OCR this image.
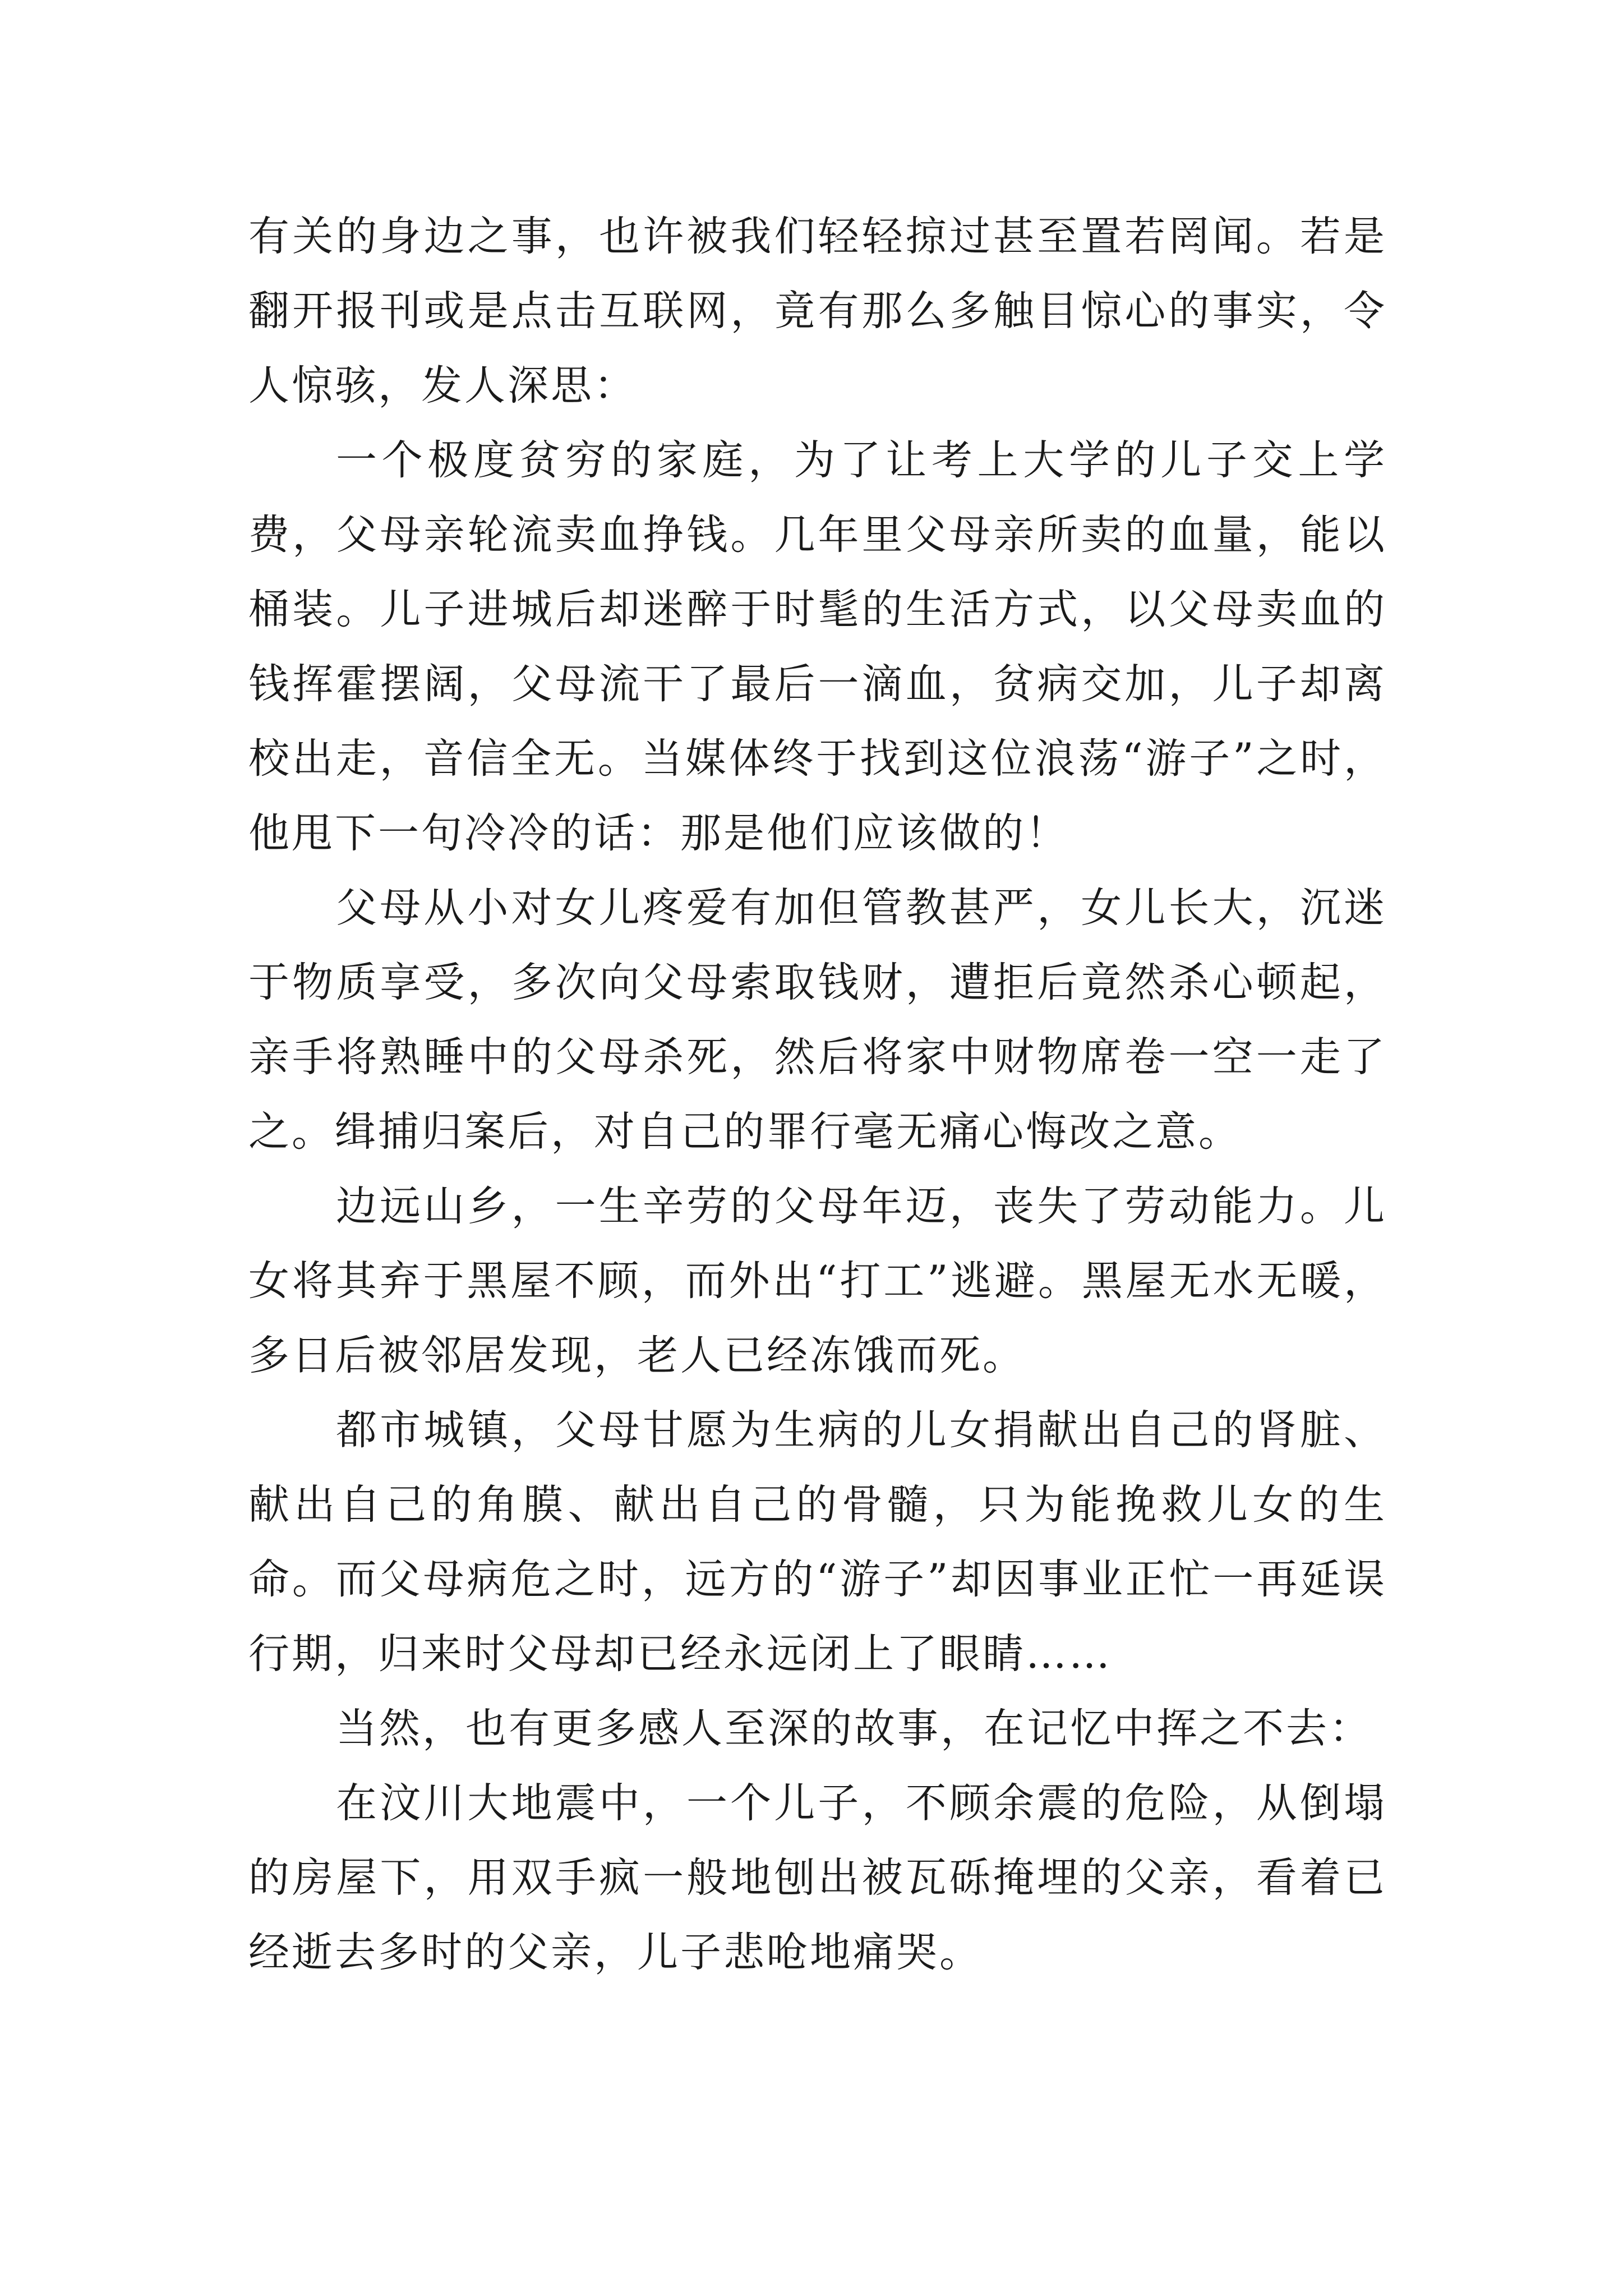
有关的身边之事，也许被我们轻轻掠过甚至置若罔闻。若是翻开报刊或是点击互联网，竟有那么多触目惊心的事实，令人惊骇，发人深思：

一个极度贫穷的家庭，为了让考上大学的儿子交上学费，父母亲轮流卖血挣钱。几年里父母亲所卖的血量，能以桶装。儿子进城后却迷醉于时髦的生活方式，以父母卖血的钱挥霍摆阔，父母流干了最后一滴血，贫病交加，儿子却离校出走，音信全无。当媒体终于找到这位浪荡“游子”之时，他甩下一句冷冷的话：那是他们应该做的！

父母从小对女儿疼爱有加但管教甚严，女儿长大，沉迷于物质享受，多次向父母索取钱财，遭拒后竟然杀心顿起，亲手将熟睡中的父母杀死，然后将家中财物席卷一空一走了之。缉捕归案后，对自己的罪行毫无痛心悔改之意。

边远山乡，一生辛劳的父母年迈，丧失了劳动能力。儿女将其弃于黑屋不顾，而外出“打工”逃避。黑屋无水无暖，多日后被邻居发现，老人已经冻饿而死。

都市城镇，父母甘愿为生病的儿女捐献出自己的肾脏、献出自己的角膜、献出自己的骨髓，只为能挽救儿女的生命。而父母病危之时，远方的“游子”却因事业正忙一再延误行期，归来时父母却已经永远闭上了眼睛……

当然，也有更多感人至深的故事，在记忆中挥之不去：

在汶川大地震中，一个儿子，不顾余震的危险，从倒塌的房屋下，用双手疯一般地刨出被瓦砾掩埋的父亲，看着已经逝去多时的父亲，儿子悲呛地痛哭。
